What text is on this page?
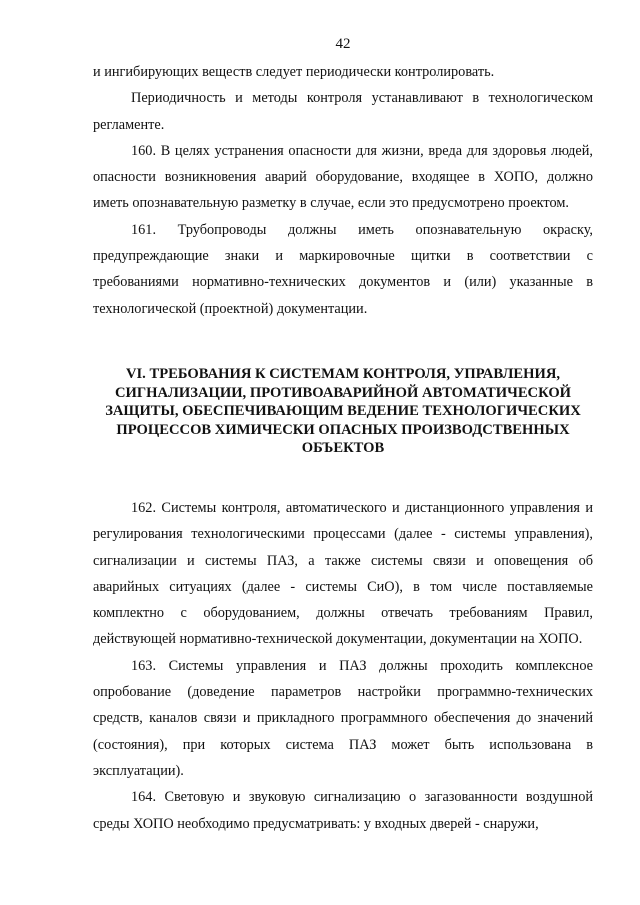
42

и ингибирующих веществ следует периодически контролировать.

Периодичность и методы контроля устанавливают в технологическом регламенте.

160. В целях устранения опасности для жизни, вреда для здоровья людей, опасности возникновения аварий оборудование, входящее в ХОПО, должно иметь опознавательную разметку в случае, если это предусмотрено проектом.

161. Трубопроводы должны иметь опознавательную окраску, предупреждающие знаки и маркировочные щитки в соответствии с требованиями нормативно-технических документов и (или) указанные в технологической (проектной) документации.

VI. ТРЕБОВАНИЯ К СИСТЕМАМ КОНТРОЛЯ, УПРАВЛЕНИЯ, СИГНАЛИЗАЦИИ, ПРОТИВОАВАРИЙНОЙ АВТОМАТИЧЕСКОЙ ЗАЩИТЫ, ОБЕСПЕЧИВАЮЩИМ ВЕДЕНИЕ ТЕХНОЛОГИЧЕСКИХ ПРОЦЕССОВ ХИМИЧЕСКИ ОПАСНЫХ ПРОИЗВОДСТВЕННЫХ ОБЪЕКТОВ

162. Системы контроля, автоматического и дистанционного управления и регулирования технологическими процессами (далее - системы управления), сигнализации и системы ПАЗ, а также системы связи и оповещения об аварийных ситуациях (далее - системы СиО), в том числе поставляемые комплектно с оборудованием, должны отвечать требованиям Правил, действующей нормативно-технической документации, документации на ХОПО.

163. Системы управления и ПАЗ должны проходить комплексное опробование (доведение параметров настройки программно-технических средств, каналов связи и прикладного программного обеспечения до значений (состояния), при которых система ПАЗ может быть использована в эксплуатации).

164. Световую и звуковую сигнализацию о загазованности воздушной среды ХОПО необходимо предусматривать: у входных дверей - снаружи,
